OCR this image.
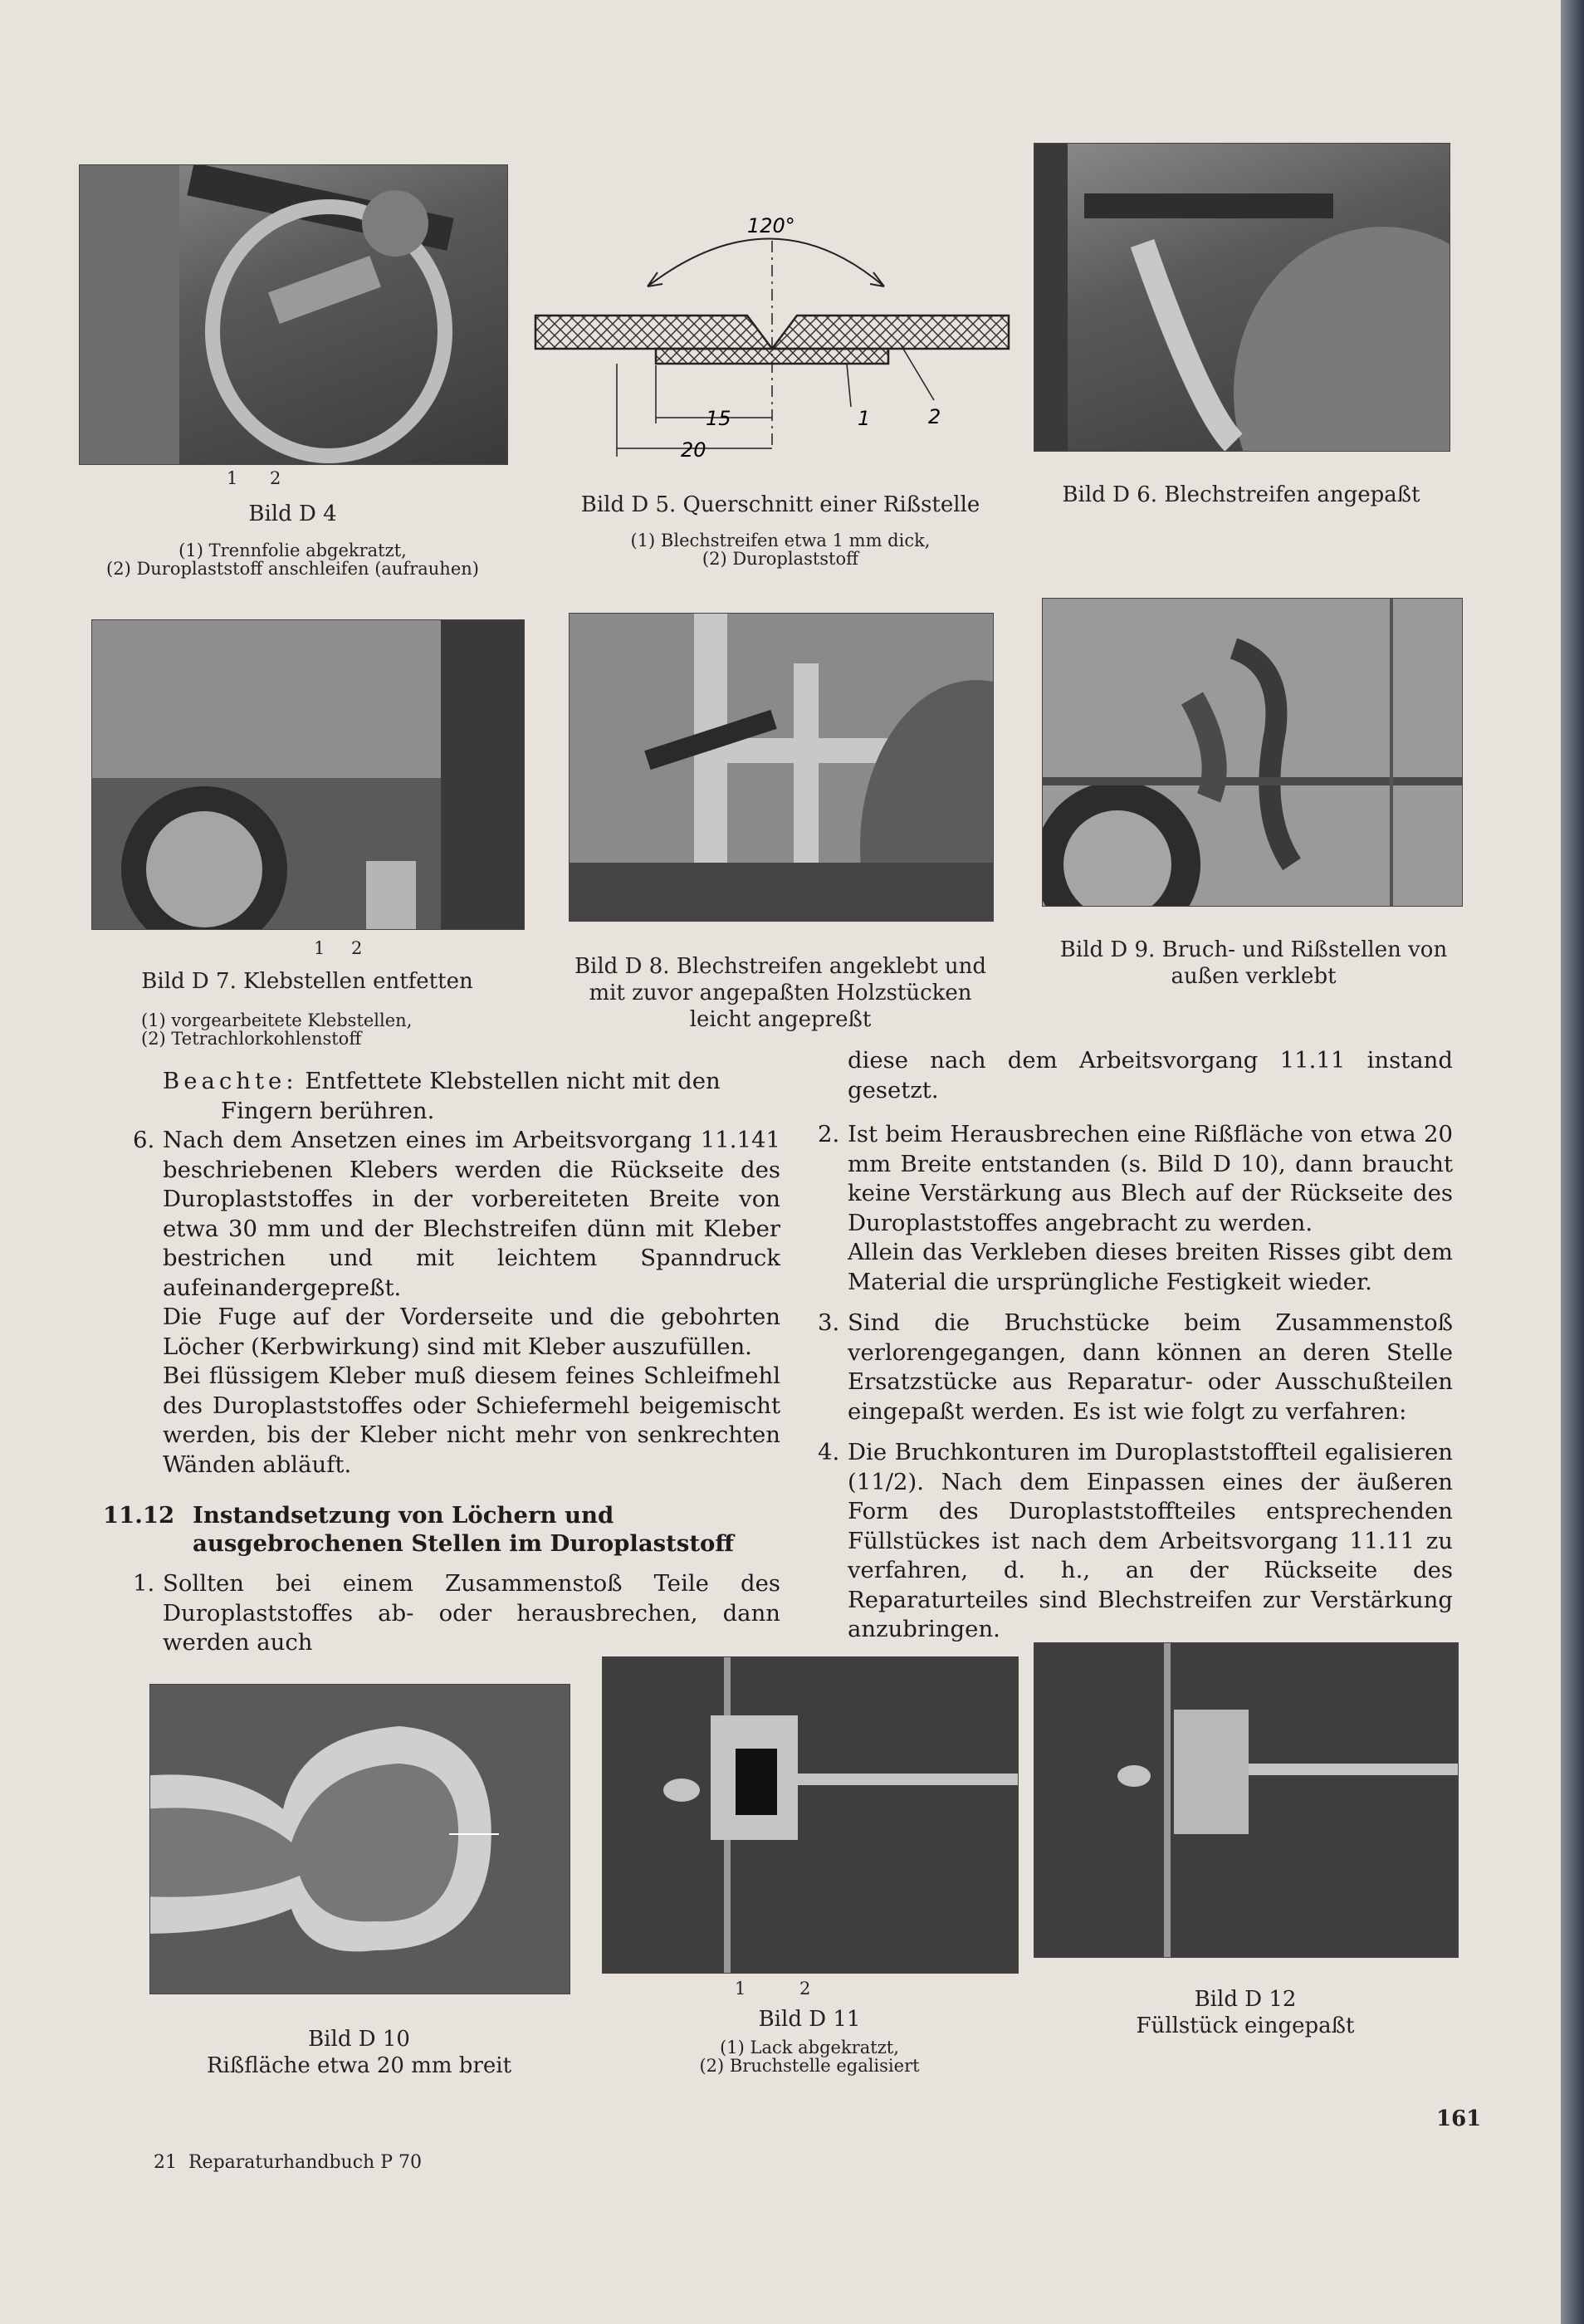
1 2
Bild D 4
(1) Trennfolie abgekratzt,
(2) Duroplaststoff anschleifen (aufrauhen)
120°
15
20
1	2
Bild D 5. Querschnitt einer Rißstelle
(1) Blechstreifen etwa 1 mm dick,
(2) Duroplaststoff
Bild D 6. Blechstreifen angepaßt
1 2
Bild D 7. Klebstellen entfetten
(1) vorgearbeitete Klebstellen,
(2) Tetrachlorkohlenstoff
Bild D 8. Blechstreifen angeklebt und
mit zuvor angepaßten Holzstücken
leicht angepreßt
Bild D 9. Bruch- und Rißstellen von
außen verklebt

Beachte: Entfettete Klebstellen nicht mit den
Fingern berühren.

6. Nach dem Ansetzen eines im Arbeitsvorgang 11.141 beschriebenen Klebers werden die Rückseite des Duroplaststoffes in der vorbereiteten Breite von etwa 30 mm und der Blechstreifen dünn mit Kleber bestrichen und mit leichtem Spanndruck aufeinandergepreßt.

Die Fuge auf der Vorderseite und die gebohrten Löcher (Kerbwirkung) sind mit Kleber auszufüllen.

Bei flüssigem Kleber muß diesem feines Schleifmehl des Duroplaststoffes oder Schiefermehl beigemischt werden, bis der Kleber nicht mehr von senkrechten Wänden abläuft.

11.12 Instandsetzung von Löchern und ausgebrochenen Stellen im Duroplaststoff
1. Sollten bei einem Zusammenstoß Teile des Duroplaststoffes ab- oder herausbrechen, dann werden auch

diese nach dem Arbeitsvorgang 11.11 instand gesetzt.

2. Ist beim Herausbrechen eine Rißfläche von etwa 20 mm Breite entstanden (s. Bild D 10), dann braucht keine Verstärkung aus Blech auf der Rückseite des Duroplaststoffes angebracht zu werden.

Allein das Verkleben dieses breiten Risses gibt dem Material die ursprüngliche Festigkeit wieder.

3. Sind die Bruchstücke beim Zusammenstoß verlorengegangen, dann können an deren Stelle Ersatzstücke aus Reparatur- oder Ausschußteilen eingepaßt werden. Es ist wie folgt zu verfahren:

4. Die Bruchkonturen im Duroplaststoffteil egalisieren (11/2). Nach dem Einpassen eines der äußeren Form des Duroplaststoffteiles entsprechenden Füllstückes ist nach dem Arbeitsvorgang 11.11 zu verfahren, d. h., an der Rückseite des Reparaturteiles sind Blechstreifen zur Verstärkung anzubringen.

Bild D 10
Rißfläche etwa 20 mm breit
1	2
Bild D 11
(1) Lack abgekratzt,
(2) Bruchstelle egalisiert
Bild D 12
Füllstück eingepaßt
161
21  Reparaturhandbuch P 70
